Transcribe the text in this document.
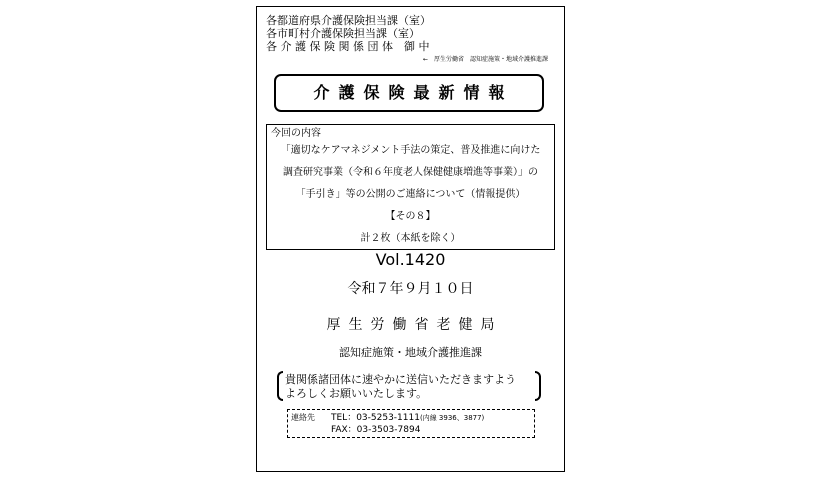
各都道府県介護保険担当課（室）
各市町村介護保険担当課（室）
各 介 護 保 険 関 係 団 体　御 中
←　厚生労働省　認知症施策・地域介護推進課
介護保険最新情報
今回の内容
「適切なケアマネジメント手法の策定、普及推進に向けた
調査研究事業（令和６年度老人保健健康増進等事業）」の
「手引き」等の公開のご連絡について（情報提供）
【その８】
計２枚（本紙を除く）
Vol.1420
令和７年９月１０日
厚生労働省老健局
認知症施策・地域介護推進課
貴関係諸団体に速やかに送信いただきますよう
よろしくお願いいたします。
連絡先 TEL：03-5253-1111(内線 3936、3877)
FAX：03-3503-7894
